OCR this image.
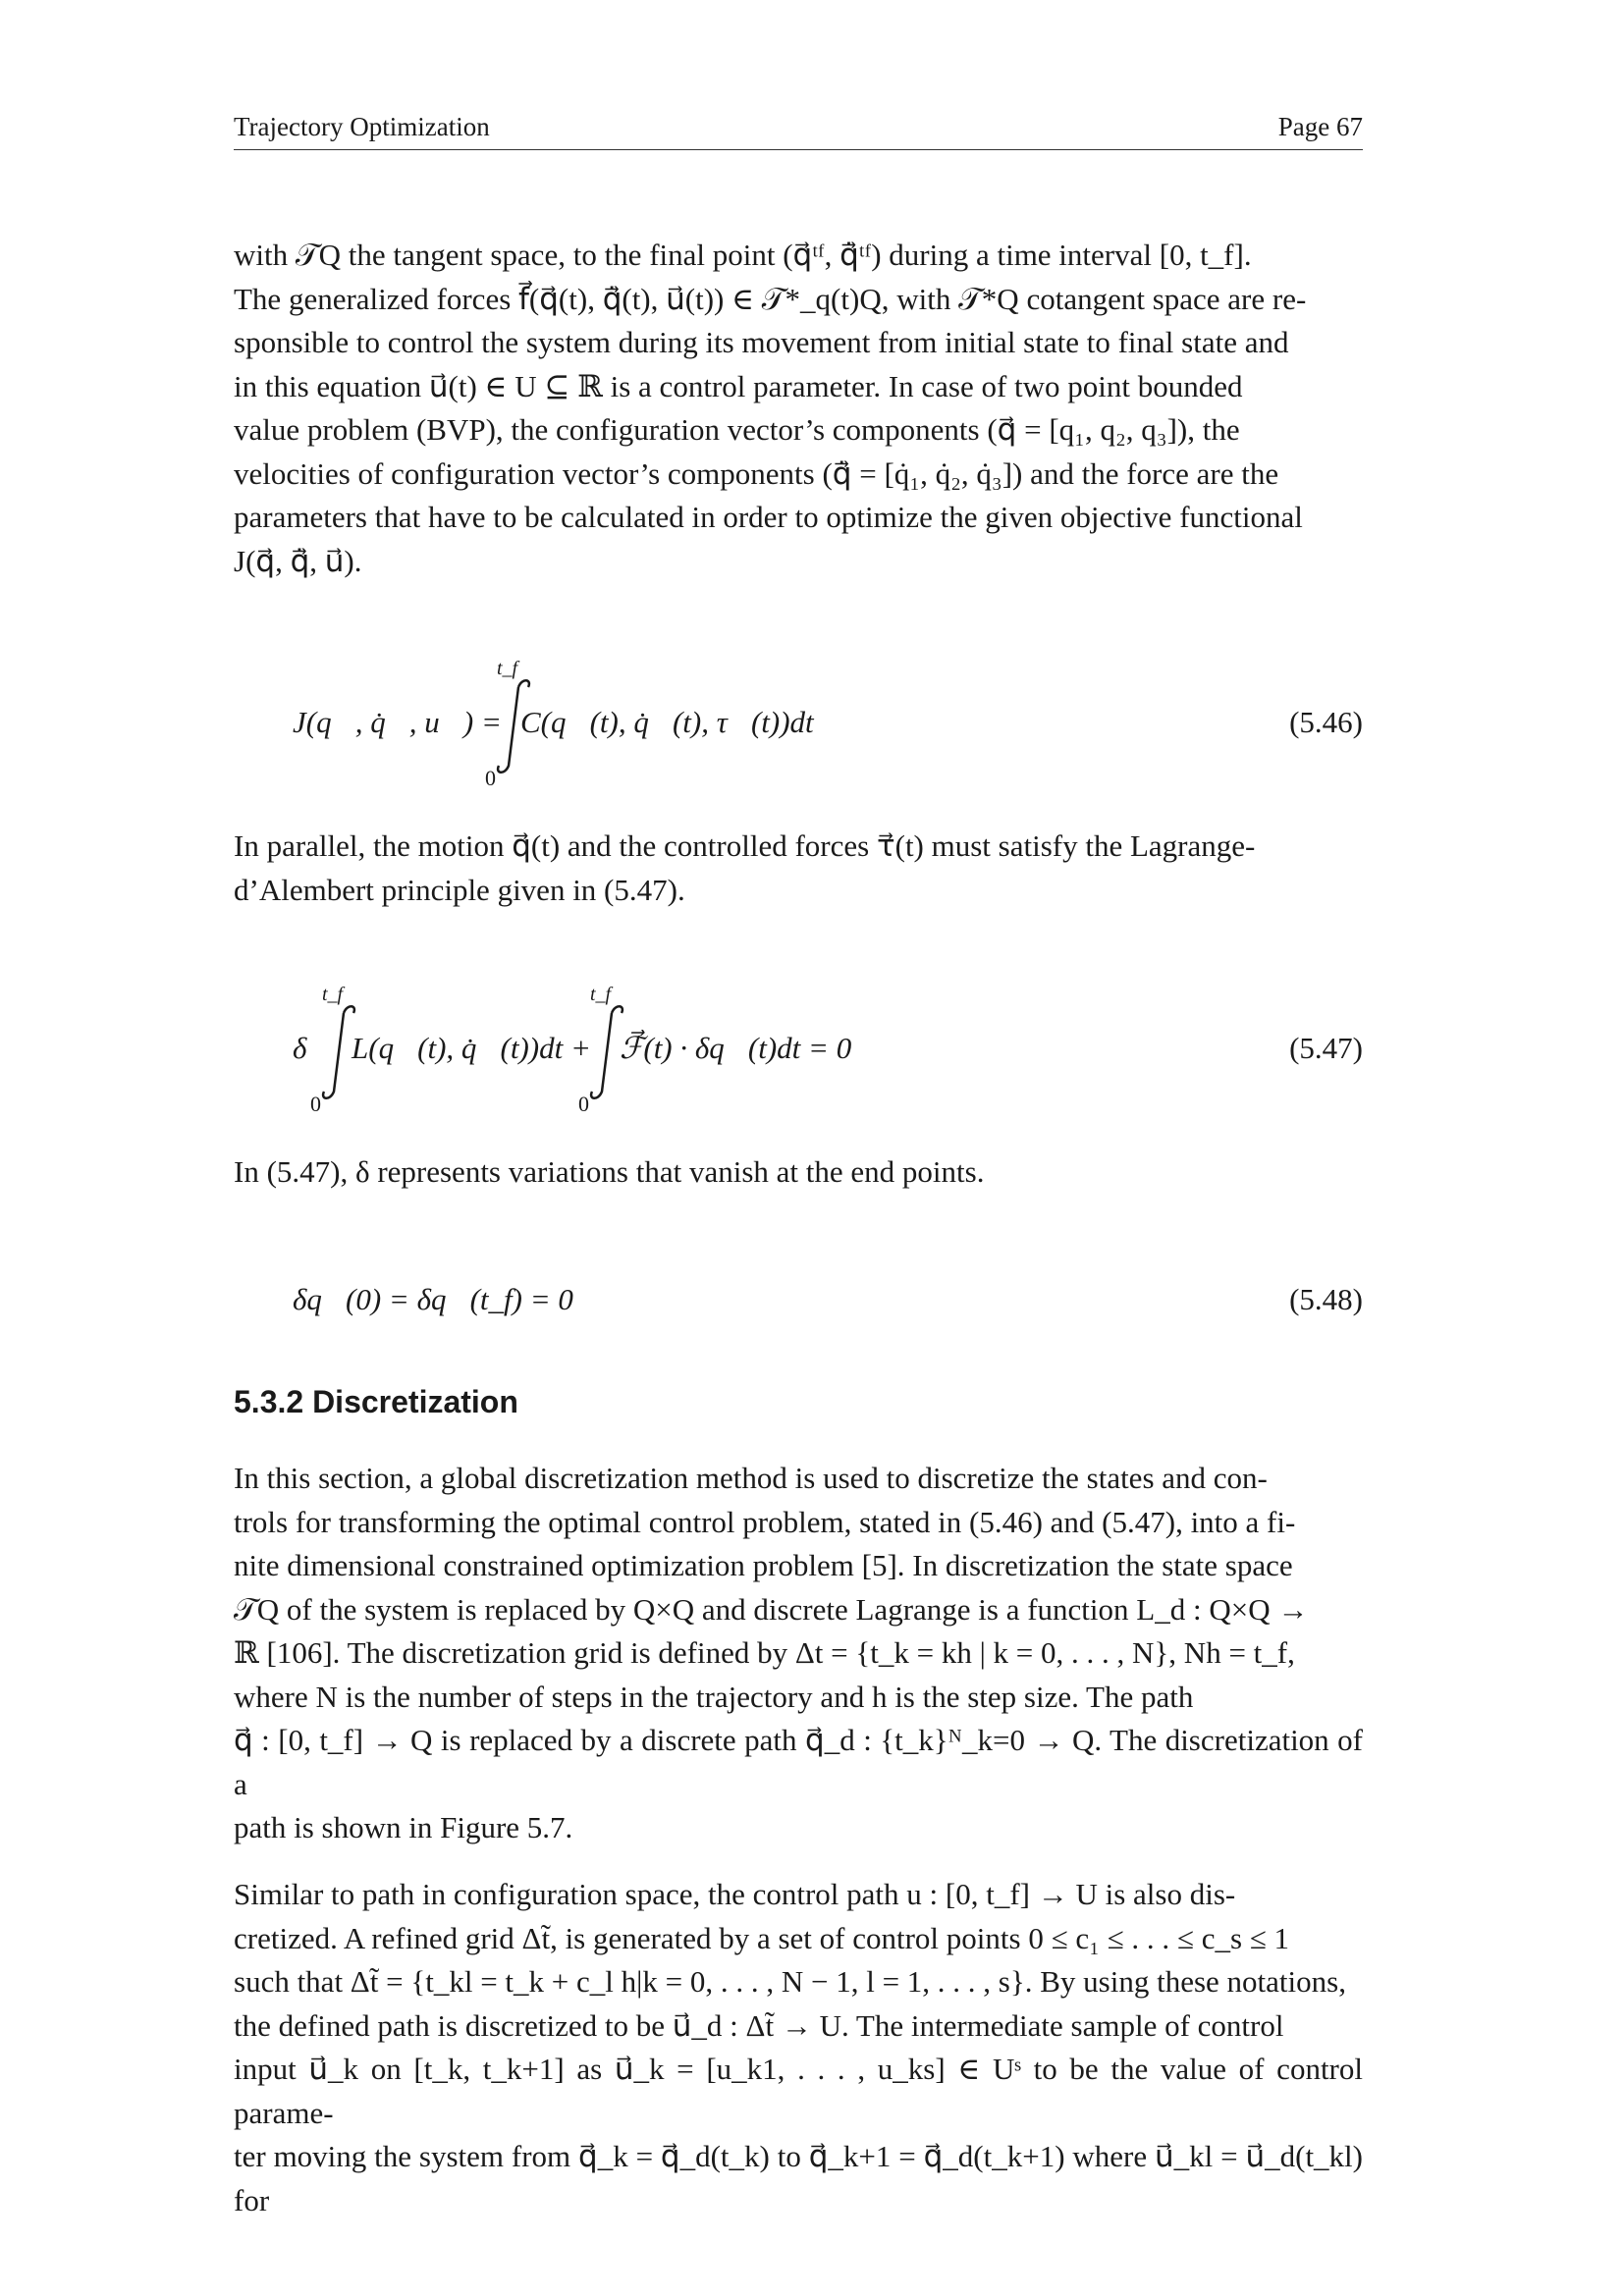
Trajectory Optimization	Page 67

with 𝒯Q the tangent space, to the final point (q⃗ᵗᶠ, q̇⃗ᵗᶠ) during a time interval [0, t_f].

The generalized forces f⃗(q⃗(t), q̇⃗(t), u⃗(t)) ∈ 𝒯*_q(t)Q, with 𝒯*Q cotangent space are re-

sponsible to control the system during its movement from initial state to final state and

in this equation u⃗(t) ∈ U ⊆ ℝ is a control parameter. In case of two point bounded

value problem (BVP), the configuration vector’s components (q⃗ = [q₁, q₂, q₃]), the

velocities of configuration vector’s components (q̇⃗ = [q̇₁, q̇₂, q̇₃]) and the force are the

parameters that have to be calculated in order to optimize the given objective functional

J(q⃗, q̇⃗, u⃗).

J(q⃗, q̇⃗, u⃗) =
t_f
0
C(q⃗(t), q̇⃗(t), τ⃗(t))dt	(5.46)

In parallel, the motion q⃗(t) and the controlled forces τ⃗(t) must satisfy the Lagrange-

d’Alembert principle given in (5.47).

δ
t_f
0
L(q⃗(t), q̇⃗(t))dt +
t_f
0
ℱ⃗(t) · δq⃗(t)dt = 0	(5.47)

In (5.47), δ represents variations that vanish at the end points.

δq⃗(0) = δq⃗(t_f) = 0	(5.48)
5.3.2 Discretization

In this section, a global discretization method is used to discretize the states and con-

trols for transforming the optimal control problem, stated in (5.46) and (5.47), into a fi-

nite dimensional constrained optimization problem [5]. In discretization the state space

𝒯Q of the system is replaced by Q×Q and discrete Lagrange is a function L_d : Q×Q →

ℝ [106]. The discretization grid is defined by Δt = {t_k = kh | k = 0, . . . , N}, Nh = t_f,

where N is the number of steps in the trajectory and h is the step size. The path

q⃗ : [0, t_f] → Q is replaced by a discrete path q⃗_d : {t_k}ᴺ_k=0 → Q. The discretization of a

path is shown in Figure 5.7.

Similar to path in configuration space, the control path u : [0, t_f] → U is also dis-

cretized. A refined grid Δt̃, is generated by a set of control points 0 ≤ c₁ ≤ . . . ≤ c_s ≤ 1

such that Δt̃ = {t_kl = t_k + c_l h|k = 0, . . . , N − 1, l = 1, . . . , s}. By using these notations,

the defined path is discretized to be u⃗_d : Δt̃ → U. The intermediate sample of control

input u⃗_k on [t_k, t_k+1] as u⃗_k = [u_k1, . . . , u_ks] ∈ Uˢ to be the value of control parame-

ter moving the system from q⃗_k = q⃗_d(t_k) to q⃗_k+1 = q⃗_d(t_k+1) where u⃗_kl = u⃗_d(t_kl) for
